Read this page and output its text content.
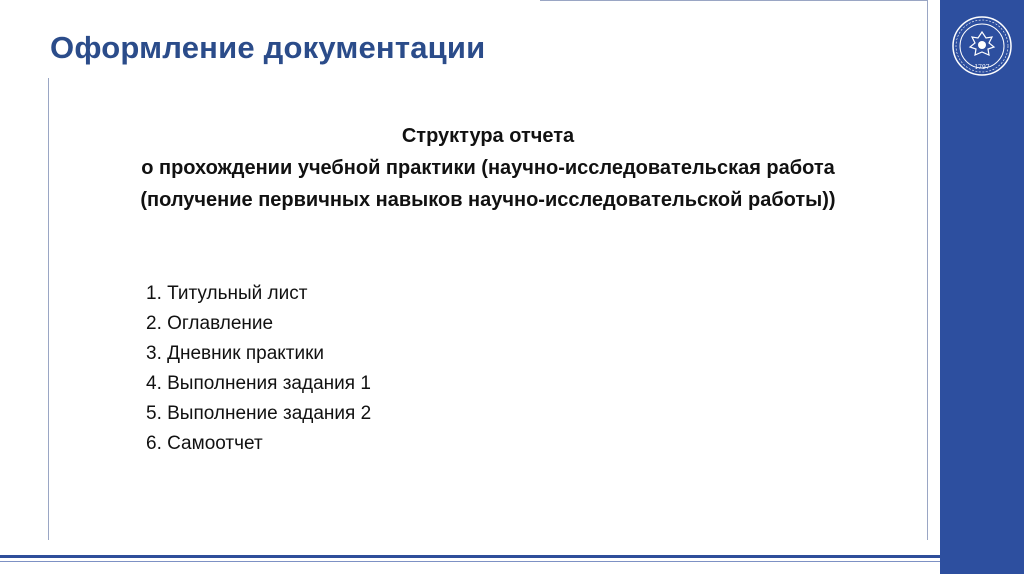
1797
Оформление документации
Структура отчета
о прохождении учебной практики (научно-исследовательская работа
(получение первичных навыков научно-исследовательской работы))
1. Титульный лист
2. Оглавление
3. Дневник практики
4. Выполнения задания 1
5. Выполнение задания 2
6. Самоотчет
